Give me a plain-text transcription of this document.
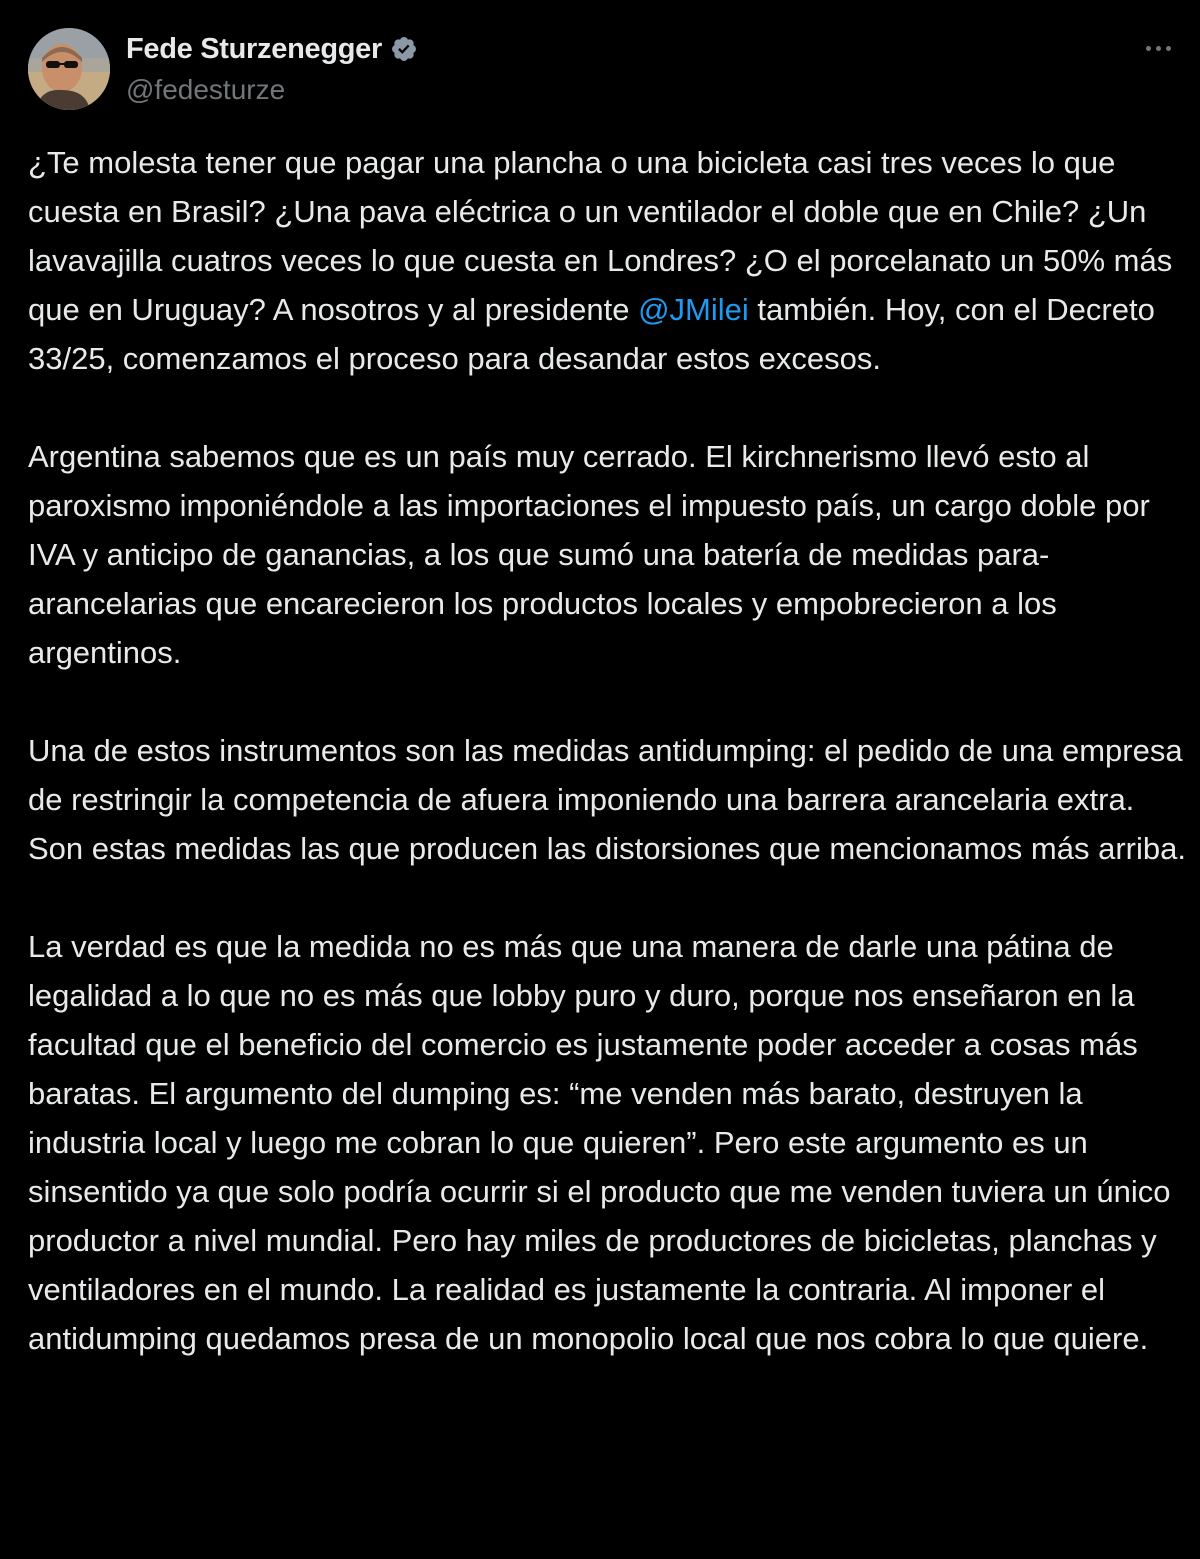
Fede Sturzenegger
@fedesturze

¿Te molesta tener que pagar una plancha o una bicicleta casi tres veces lo que cuesta en Brasil? ¿Una pava eléctrica o un ventilador el doble que en Chile? ¿Un lavavajilla cuatros veces lo que cuesta en Londres? ¿O el porcelanato un 50% más que en Uruguay? A nosotros y al presidente @JMilei también. Hoy, con el Decreto 33/25, comenzamos el proceso para desandar estos excesos.

Argentina sabemos que es un país muy cerrado. El kirchnerismo llevó esto al paroxismo imponiéndole a las importaciones el impuesto país, un cargo doble por IVA y anticipo de ganancias, a los que sumó una batería de medidas para-arancelarias que encarecieron los productos locales y empobrecieron a los argentinos.

Una de estos instrumentos son las medidas antidumping: el pedido de una empresa de restringir la competencia de afuera imponiendo una barrera arancelaria extra. Son estas medidas las que producen las distorsiones que mencionamos más arriba.

La verdad es que la medida no es más que una manera de darle una pátina de legalidad a lo que no es más que lobby puro y duro, porque nos enseñaron en la facultad que el beneficio del comercio es justamente poder acceder a cosas más baratas. El argumento del dumping es: “me venden más barato, destruyen la industria local y luego me cobran lo que quieren”. Pero este argumento es un sinsentido ya que solo podría ocurrir si el producto que me venden tuviera un único productor a nivel mundial. Pero hay miles de productores de bicicletas, planchas y ventiladores en el mundo. La realidad es justamente la contraria. Al imponer el antidumping quedamos presa de un monopolio local que nos cobra lo que quiere.
